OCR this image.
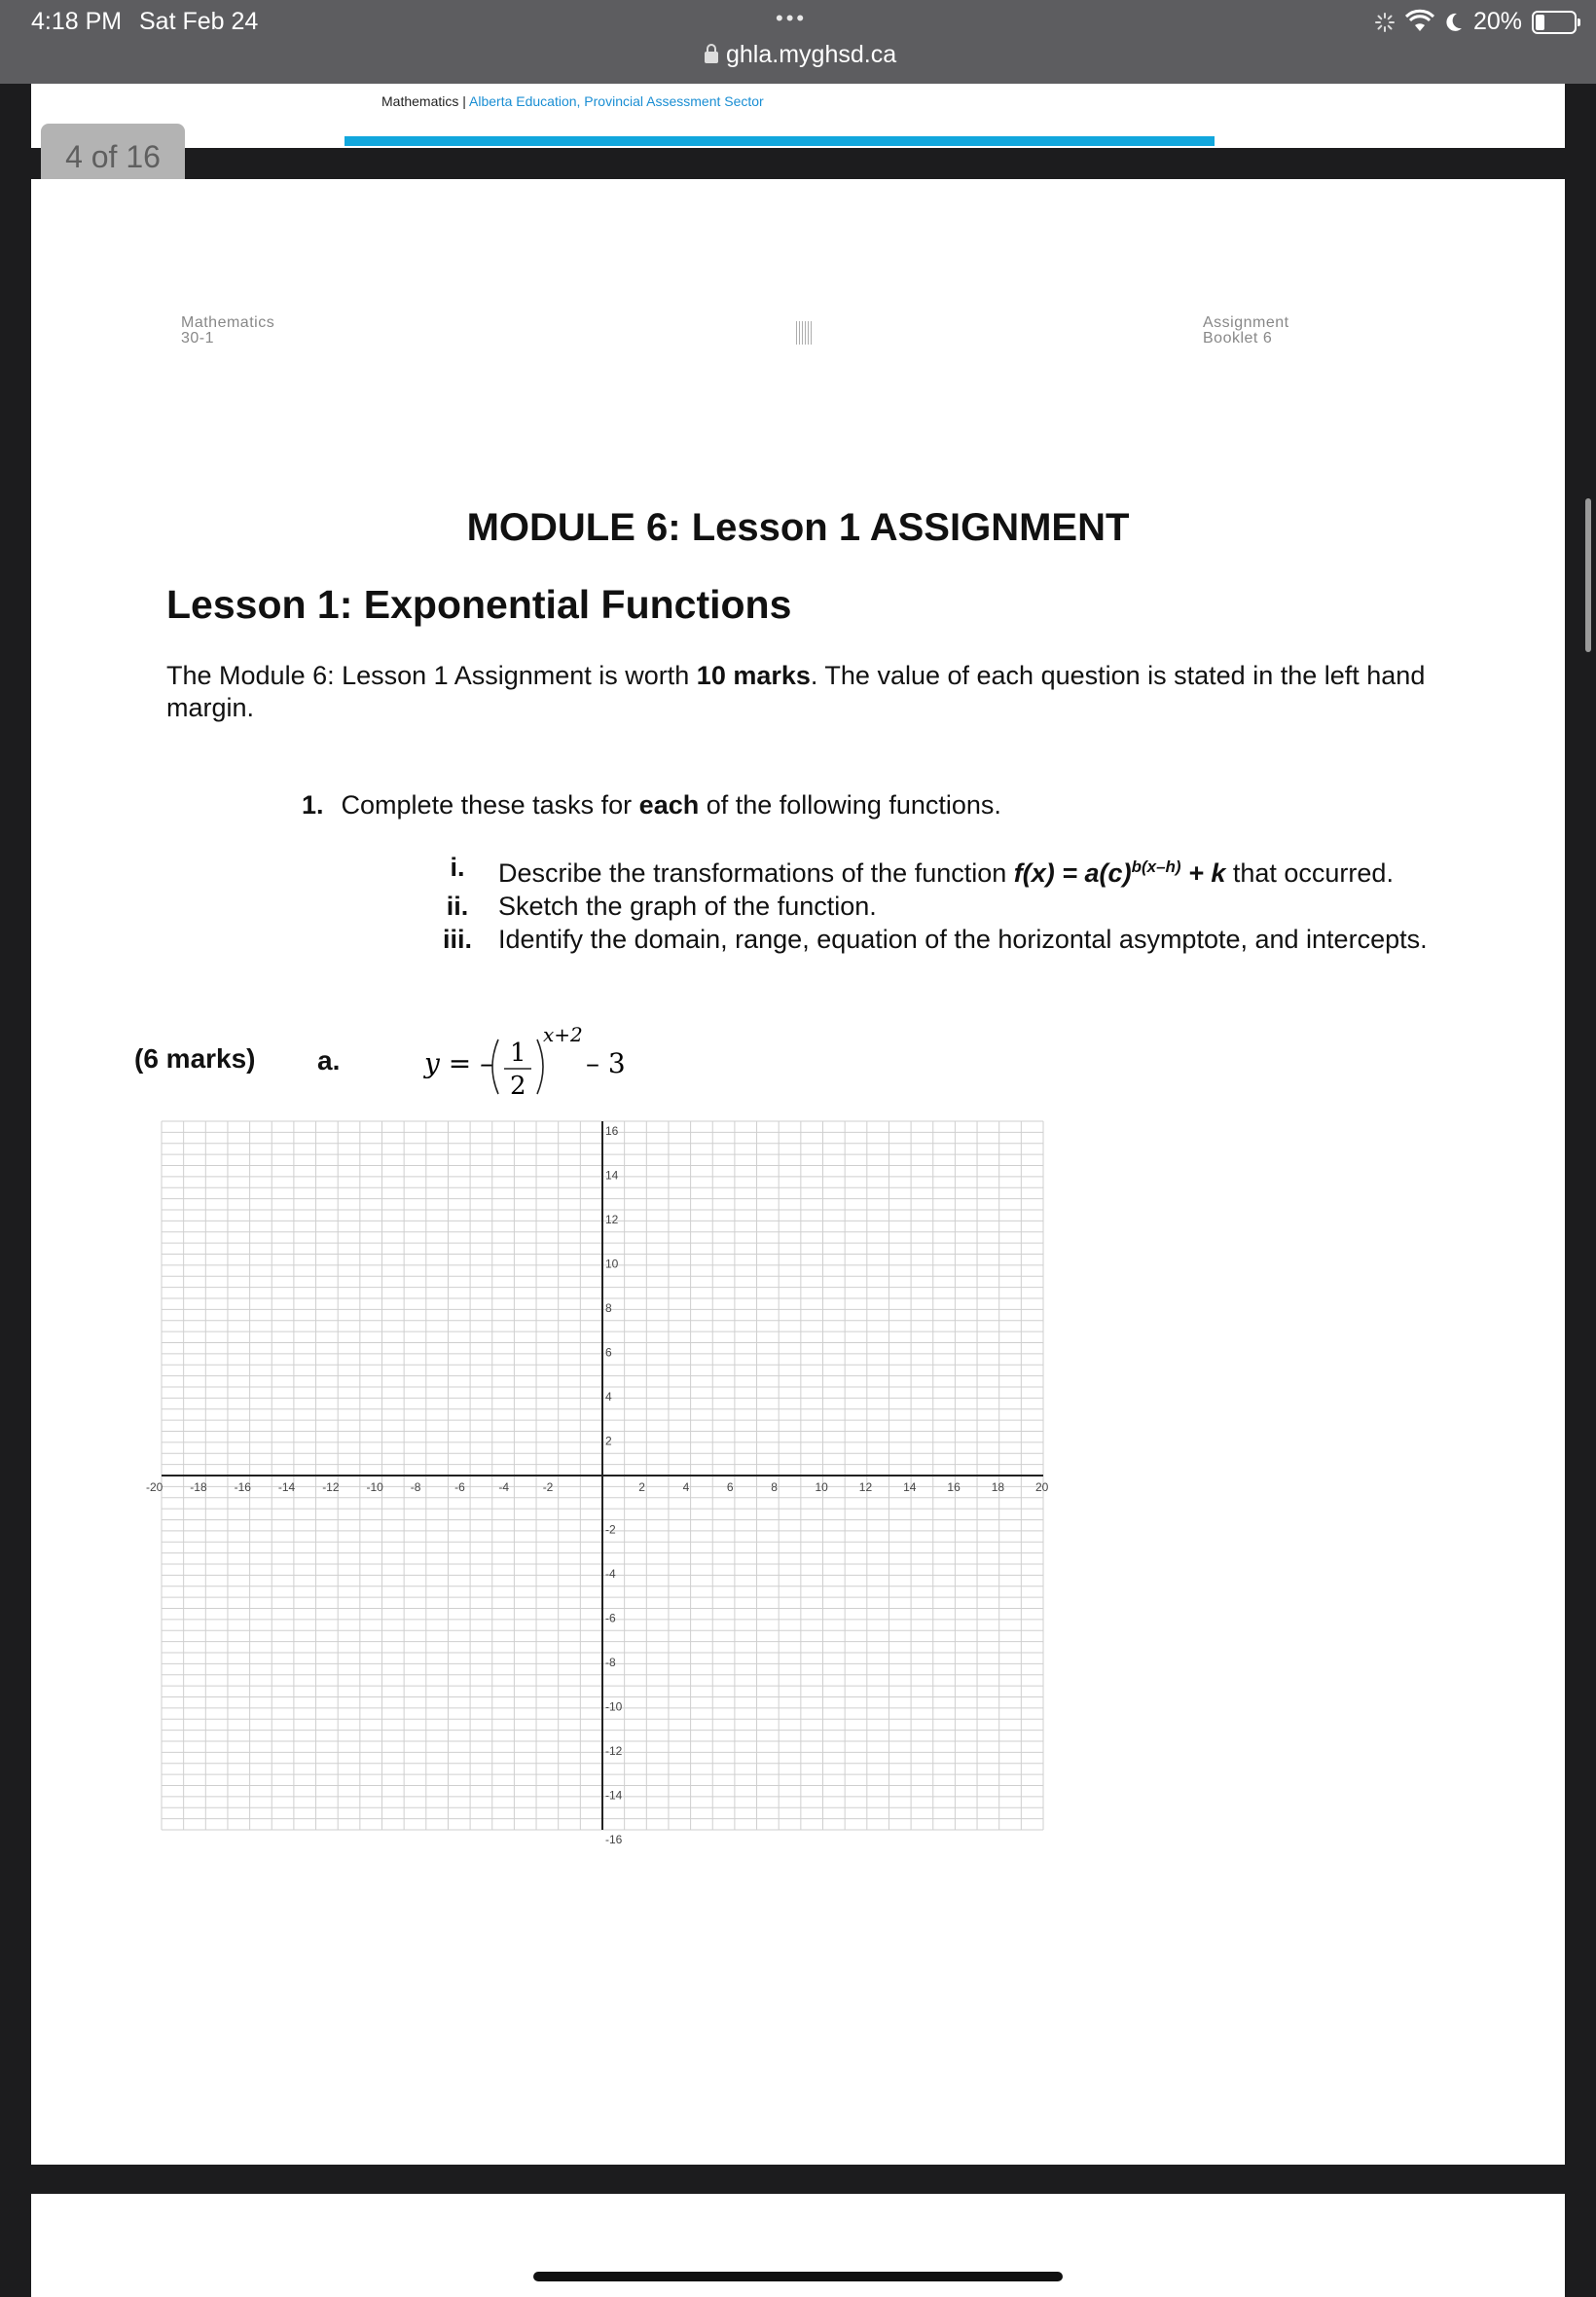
4:18 PM Sat Feb 24	•••
ghla.myghsd.ca
20%
Mathematics | Alberta Education, Provincial Assessment Sector
4 of 16
Mathematics
30-1
Assignment
Booklet 6
MODULE 6: Lesson 1 ASSIGNMENT
Lesson 1: Exponential Functions
The Module 6: Lesson 1 Assignment is worth 10 marks. The value of each question is stated in the left hand margin.
1. Complete these tasks for each of the following functions.
i.	Describe the transformations of the function $f(x) = a(c)^{b(x-h)} + k$ that occurred.
ii.	Sketch the graph of the function.
iii.	Identify the domain, range, equation of the horizontal asymptote, and intercepts.
(6 marks) a.	y = – 1
2
x+2
– 3
-20 -18 -16 -14 -12 -10 -8	-6	-4	-2	2	4	6	8	10	12	14	16	18	20
16
14
12
10
8
6
4
2
-2
-4
-6
-8
-10
-12
-14
-16
